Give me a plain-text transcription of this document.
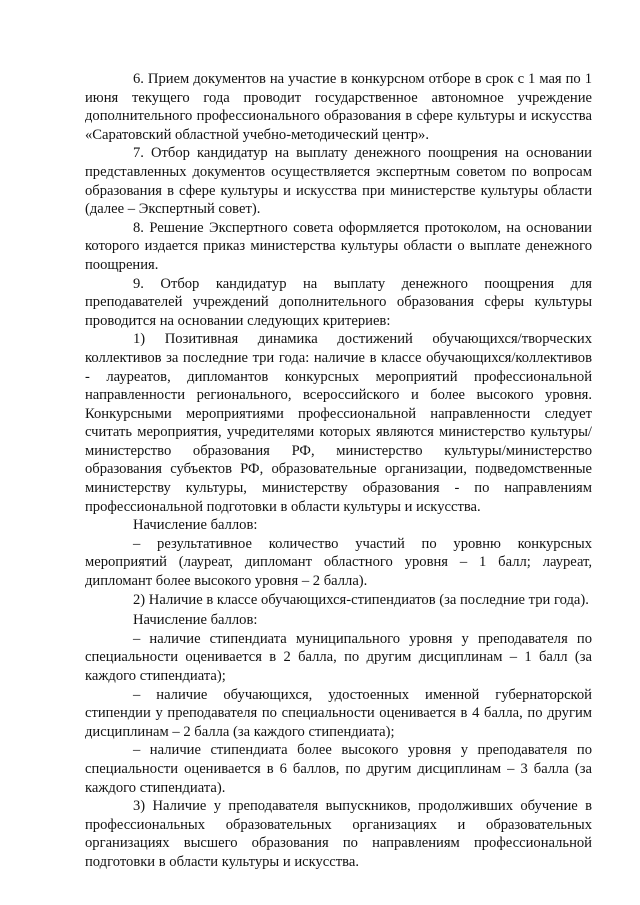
6. Прием документов на участие в конкурсном отборе в срок с 1 мая по 1 июня текущего года проводит государственное автономное учреждение дополнительного профессионального образования в сфере культуры и искусства «Саратовский областной учебно-методический центр».

7. Отбор кандидатур на выплату денежного поощрения на основании представленных документов осуществляется экспертным советом по вопросам образования в сфере культуры и искусства при министерстве культуры области (далее – Экспертный совет).

8. Решение Экспертного совета оформляется протоколом, на основании которого издается приказ министерства культуры области о выплате денежного поощрения.

9. Отбор кандидатур на выплату денежного поощрения для преподавателей учреждений дополнительного образования сферы культуры проводится на основании следующих критериев:

1) Позитивная динамика достижений обучающихся/творческих коллективов за последние три года: наличие в классе обучающихся/коллективов - лауреатов, дипломантов конкурсных мероприятий профессиональной направленности регионального, всероссийского и более высокого уровня. Конкурсными мероприятиями профессиональной направленности следует считать мероприятия, учредителями которых являются министерство культуры/министерство образования РФ, министерство культуры/министерство образования субъектов РФ, образовательные организации, подведомственные министерству культуры, министерству образования - по направлениям профессиональной подготовки в области культуры и искусства.

Начисление баллов:

– результативное количество участий по уровню конкурсных мероприятий (лауреат, дипломант областного уровня – 1 балл; лауреат, дипломант более высокого уровня – 2 балла).

2) Наличие в классе обучающихся-стипендиатов (за последние три года).

Начисление баллов:

– наличие стипендиата муниципального уровня у преподавателя по специальности оценивается в 2 балла, по другим дисциплинам – 1 балл (за каждого стипендиата);

– наличие обучающихся, удостоенных именной губернаторской стипендии у преподавателя по специальности оценивается в 4 балла, по другим дисциплинам – 2 балла (за каждого стипендиата);

– наличие стипендиата более высокого уровня у преподавателя по специальности оценивается в 6 баллов, по другим дисциплинам – 3 балла (за каждого стипендиата).

3) Наличие у преподавателя выпускников, продолживших обучение в профессиональных образовательных организациях и образовательных организациях высшего образования по направлениям профессиональной подготовки в области культуры и искусства.
